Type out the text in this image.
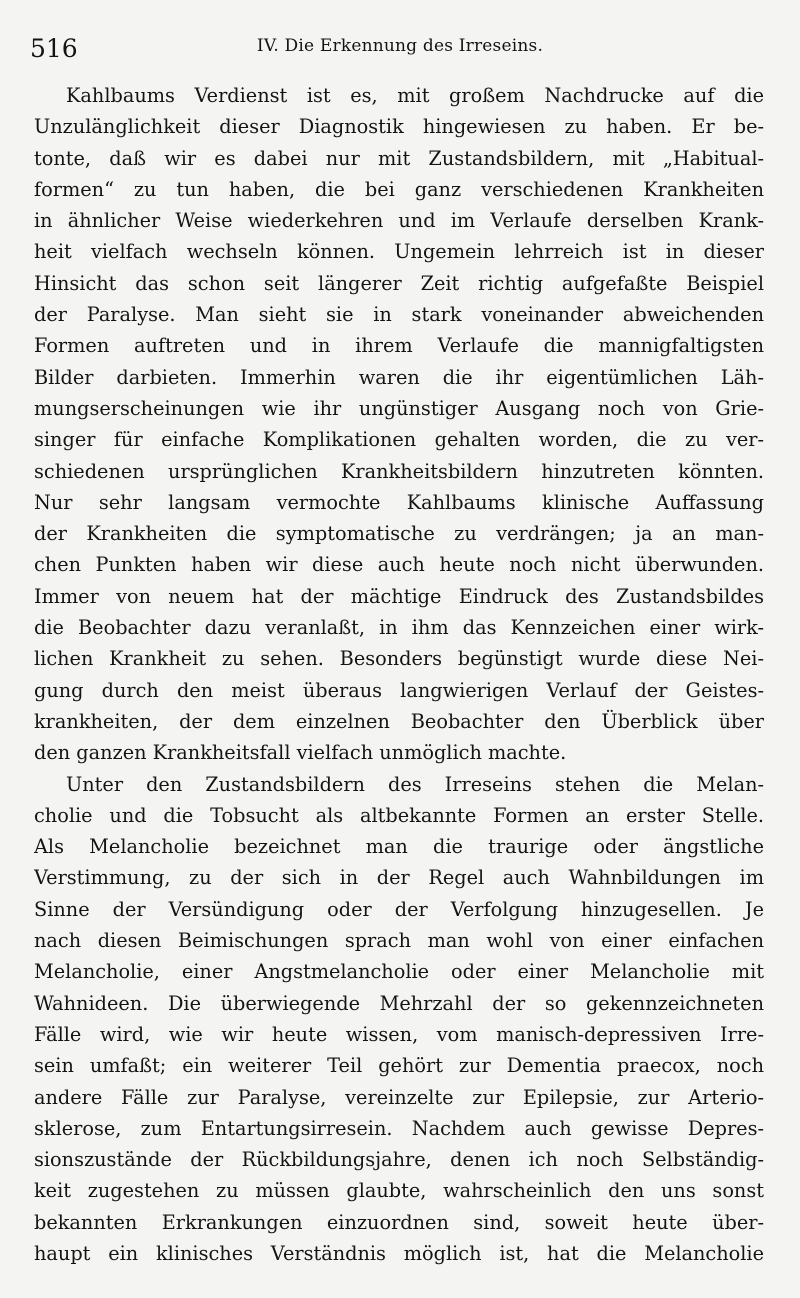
516	IV. Die Erkennung des Irreseins.
Kahlbaums Verdienst ist es, mit großem Nachdrucke auf die
Unzulänglichkeit dieser Diagnostik hingewiesen zu haben. Er be-
tonte, daß wir es dabei nur mit Zustandsbildern, mit „Habitual-
formen“ zu tun haben, die bei ganz verschiedenen Krankheiten
in ähnlicher Weise wiederkehren und im Verlaufe derselben Krank-
heit vielfach wechseln können. Ungemein lehrreich ist in dieser
Hinsicht das schon seit längerer Zeit richtig aufgefaßte Beispiel
der Paralyse. Man sieht sie in stark voneinander abweichenden
Formen auftreten und in ihrem Verlaufe die mannigfaltigsten
Bilder darbieten. Immerhin waren die ihr eigentümlichen Läh-
mungserscheinungen wie ihr ungünstiger Ausgang noch von Grie-
singer für einfache Komplikationen gehalten worden, die zu ver-
schiedenen ursprünglichen Krankheitsbildern hinzutreten könnten.
Nur sehr langsam vermochte Kahlbaums klinische Auffassung
der Krankheiten die symptomatische zu verdrängen; ja an man-
chen Punkten haben wir diese auch heute noch nicht überwunden.
Immer von neuem hat der mächtige Eindruck des Zustandsbildes
die Beobachter dazu veranlaßt, in ihm das Kennzeichen einer wirk-
lichen Krankheit zu sehen. Besonders begünstigt wurde diese Nei-
gung durch den meist überaus langwierigen Verlauf der Geistes-
krankheiten, der dem einzelnen Beobachter den Überblick über
den ganzen Krankheitsfall vielfach unmöglich machte.
Unter den Zustandsbildern des Irreseins stehen die Melan-
cholie und die Tobsucht als altbekannte Formen an erster Stelle.
Als Melancholie bezeichnet man die traurige oder ängstliche
Verstimmung, zu der sich in der Regel auch Wahnbildungen im
Sinne der Versündigung oder der Verfolgung hinzugesellen. Je
nach diesen Beimischungen sprach man wohl von einer einfachen
Melancholie, einer Angstmelancholie oder einer Melancholie mit
Wahnideen. Die überwiegende Mehrzahl der so gekennzeichneten
Fälle wird, wie wir heute wissen, vom manisch-depressiven Irre-
sein umfaßt; ein weiterer Teil gehört zur Dementia praecox, noch
andere Fälle zur Paralyse, vereinzelte zur Epilepsie, zur Arterio-
sklerose, zum Entartungsirresein. Nachdem auch gewisse Depres-
sionszustände der Rückbildungsjahre, denen ich noch Selbständig-
keit zugestehen zu müssen glaubte, wahrscheinlich den uns sonst
bekannten Erkrankungen einzuordnen sind, soweit heute über-
haupt ein klinisches Verständnis möglich ist, hat die Melancholie
